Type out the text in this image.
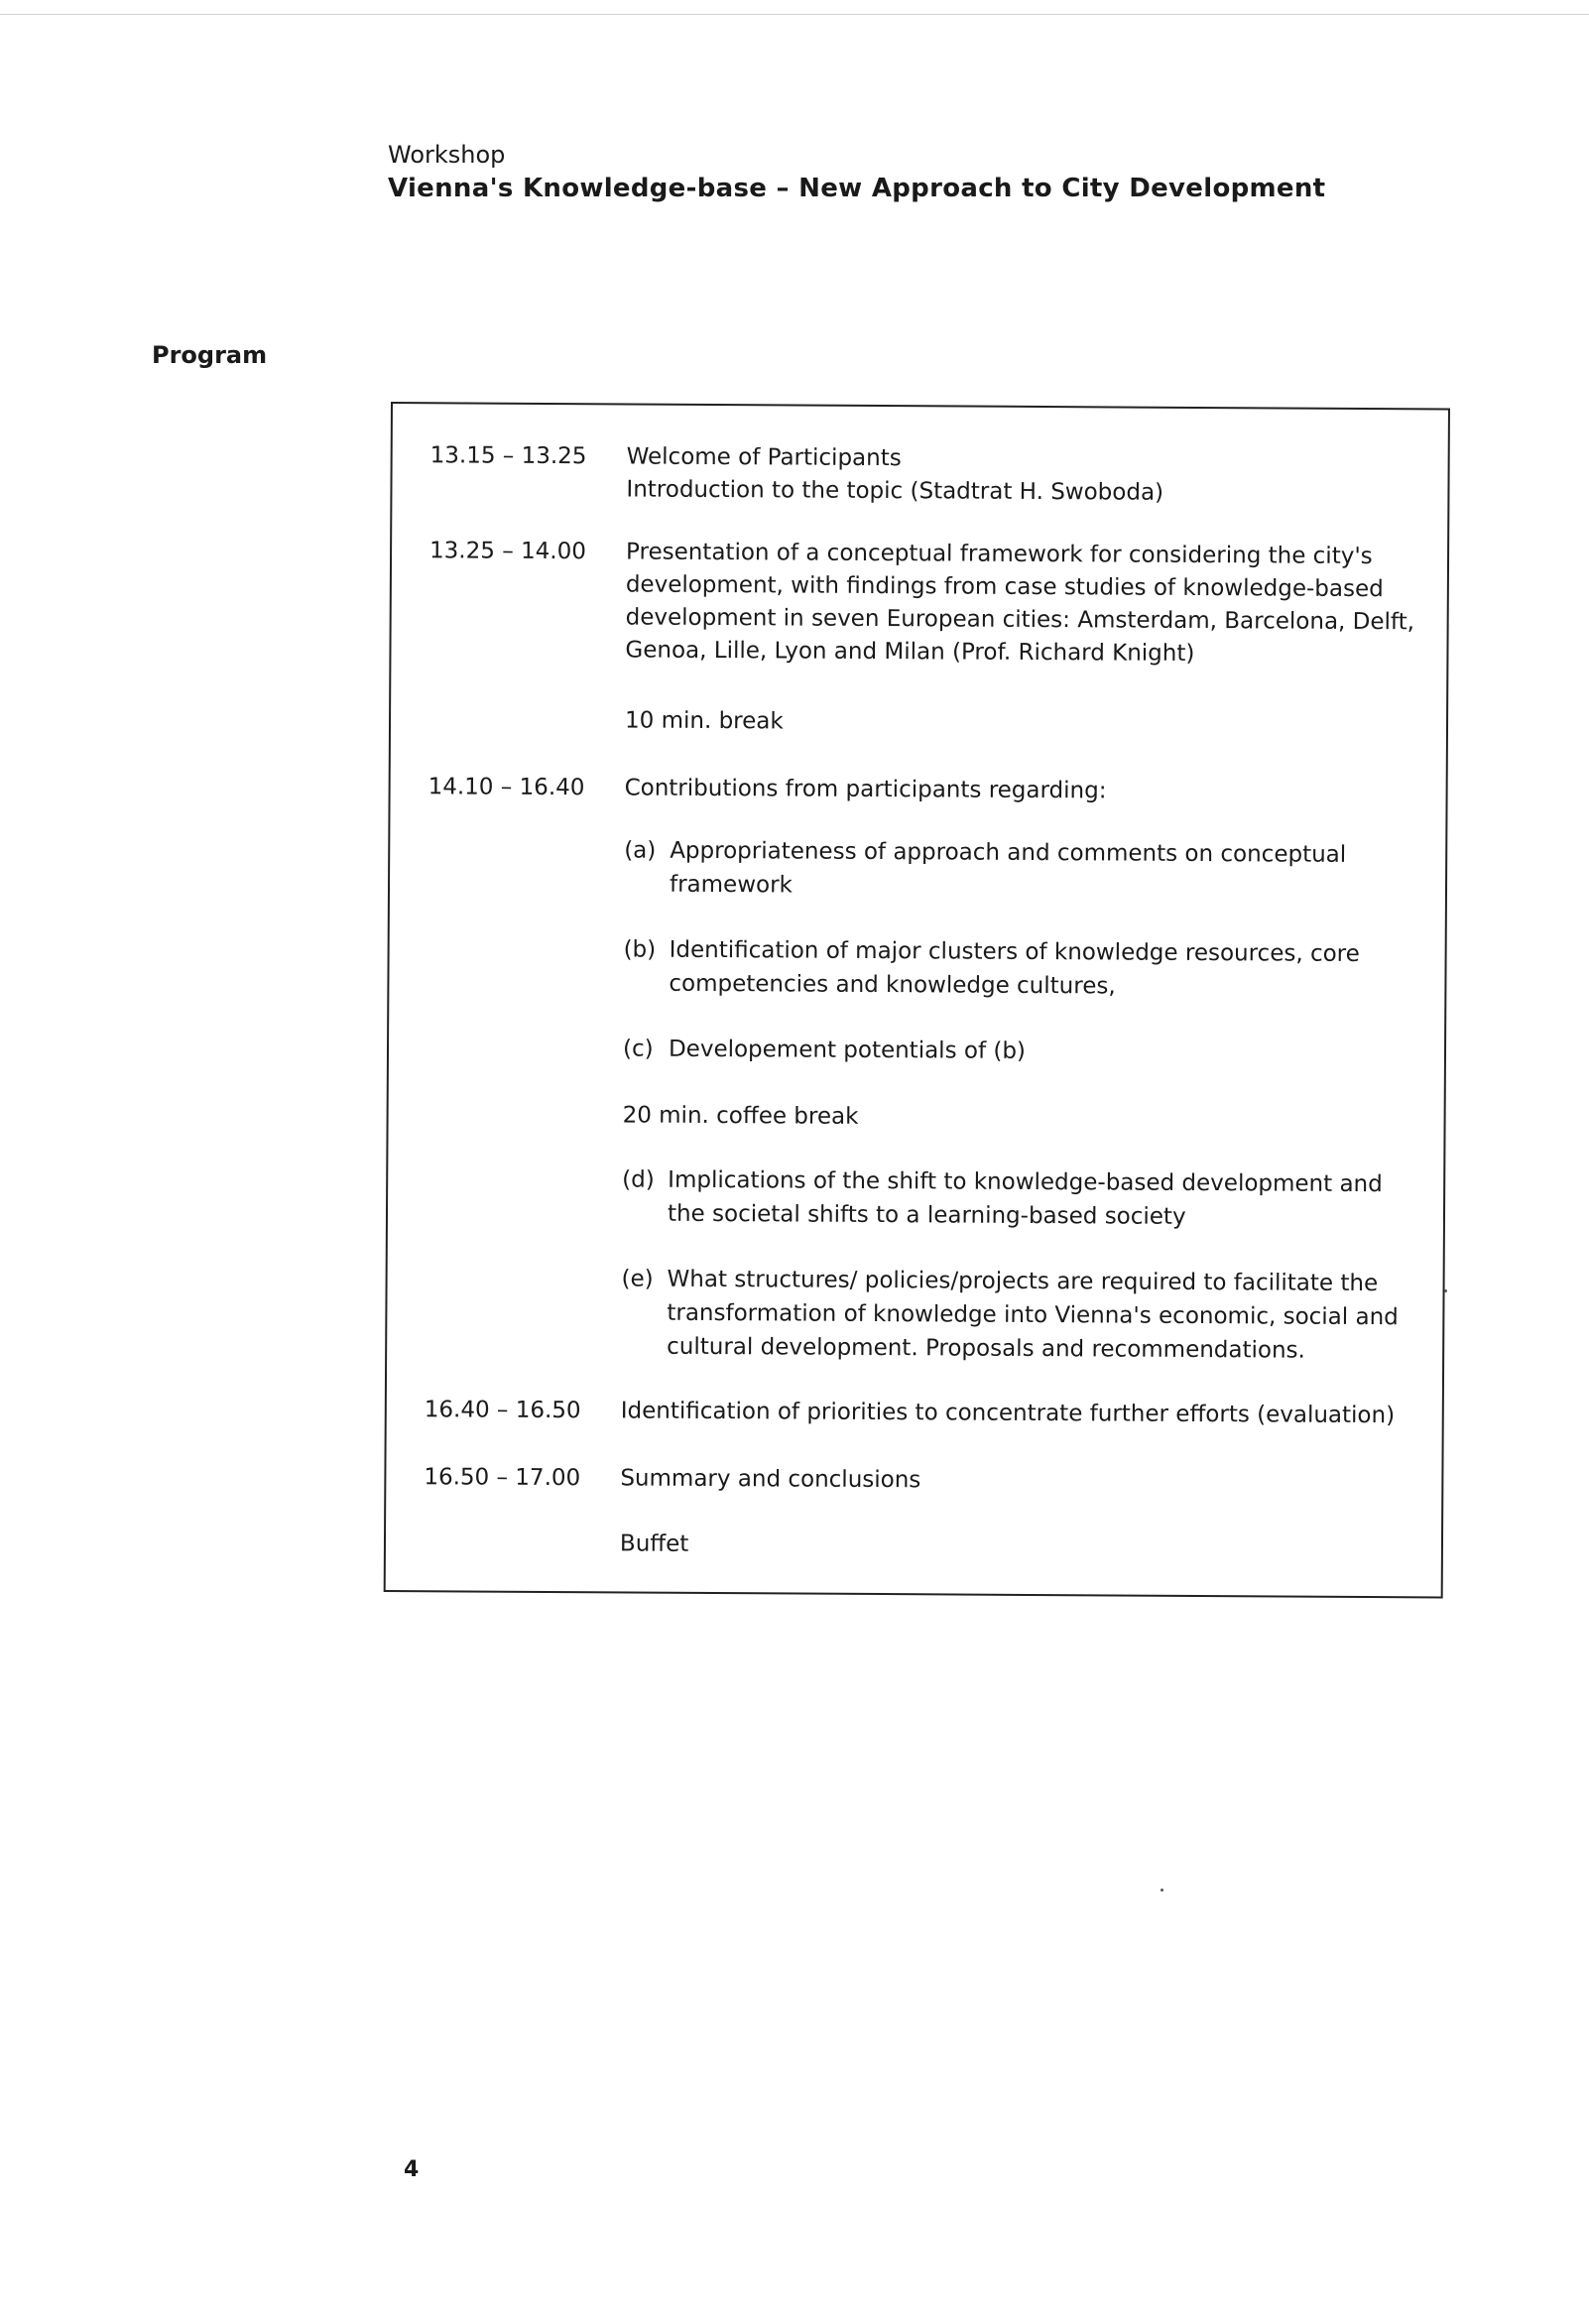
Workshop
Vienna's Knowledge-base – New Approach to City Development
Program
13.15 – 13.25 Welcome of Participants
Introduction to the topic (Stadtrat H. Swoboda)
13.25 – 14.00 Presentation of a conceptual framework for considering the city's
development, with findings from case studies of knowledge-based
development in seven European cities: Amsterdam, Barcelona, Delft,
Genoa, Lille, Lyon and Milan (Prof. Richard Knight)
10 min. break
14.10 – 16.40 Contributions from participants regarding:
(a) Appropriateness of approach and comments on conceptual
framework
(b) Identification of major clusters of knowledge resources, core
competencies and knowledge cultures,
(c) Developement potentials of (b)
20 min. coffee break
(d) Implications of the shift to knowledge-based development and
the societal shifts to a learning-based society
(e) What structures/ policies/projects are required to facilitate the
transformation of knowledge into Vienna's economic, social and
cultural development. Proposals and recommendations.
16.40 – 16.50 Identification of priorities to concentrate further efforts (evaluation)
16.50 – 17.00 Summary and conclusions
Buffet
4
